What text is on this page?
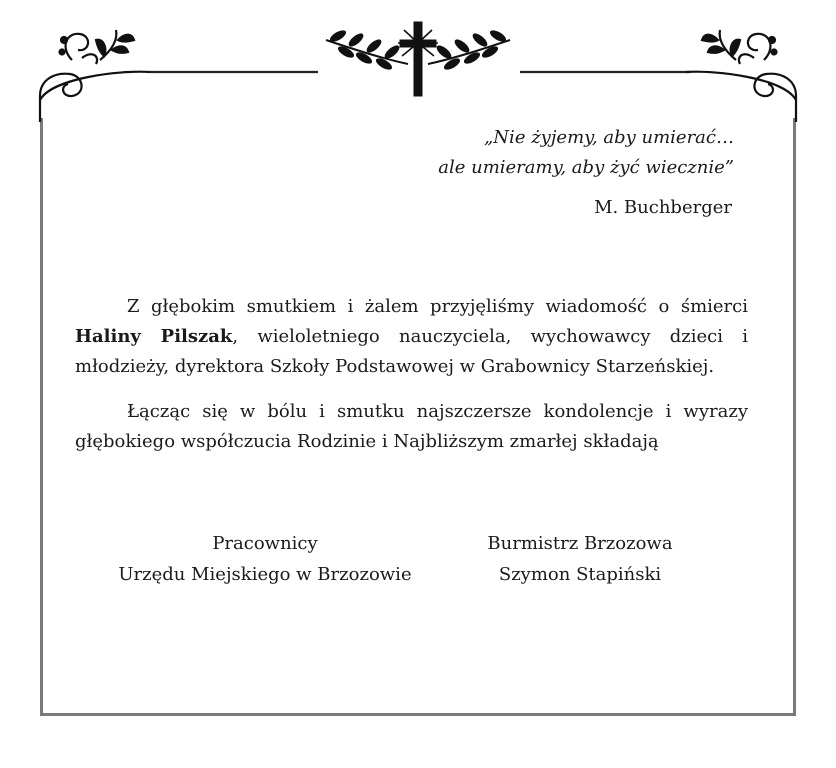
„Nie żyjemy, aby umierać…
ale umieramy, aby żyć wiecznie”
M. Buchberger
Z głębokim smutkiem i żalem przyjęliśmy wiadomość o śmierci Haliny Pilszak, wieloletniego nauczyciela, wychowawcy dzieci i młodzieży, dyrektora Szkoły Podstawowej w Grabownicy Starzeńskiej.
Łącząc się w bólu i smutku najszczersze kondolencje i wyrazy głębokiego współczucia Rodzinie i Najbliższym zmarłej składają
Pracownicy
Urzędu Miejskiego w Brzozowie
Burmistrz Brzozowa
Szymon Stapiński
